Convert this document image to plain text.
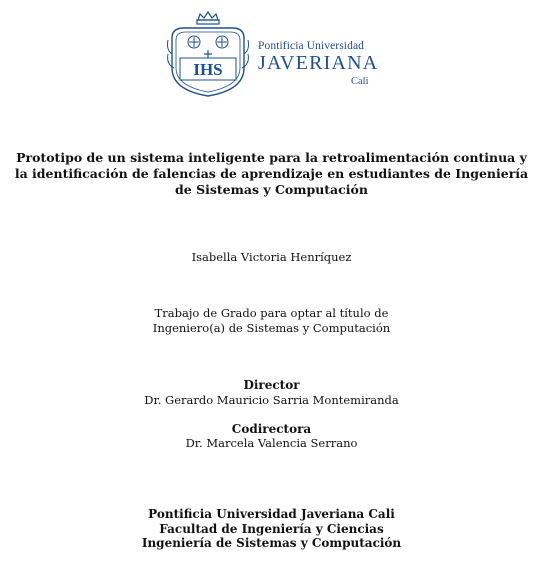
IHS
Pontificia Universidad
JAVERIANA
Cali
· · · · · · · · · · · · · · · · · · · · · · · · · · · · ·
Prototipo de un sistema inteligente para la retroalimentación continua y
la identificación de falencias de aprendizaje en estudiantes de Ingeniería
de Sistemas y Computación
Isabella Victoria Henríquez
Trabajo de Grado para optar al título de
Ingeniero(a) de Sistemas y Computación
Director
Dr. Gerardo Mauricio Sarria Montemiranda
Codirectora
Dr. Marcela Valencia Serrano
Pontificia Universidad Javeriana Cali
Facultad de Ingeniería y Ciencias
Ingeniería de Sistemas y Computación
